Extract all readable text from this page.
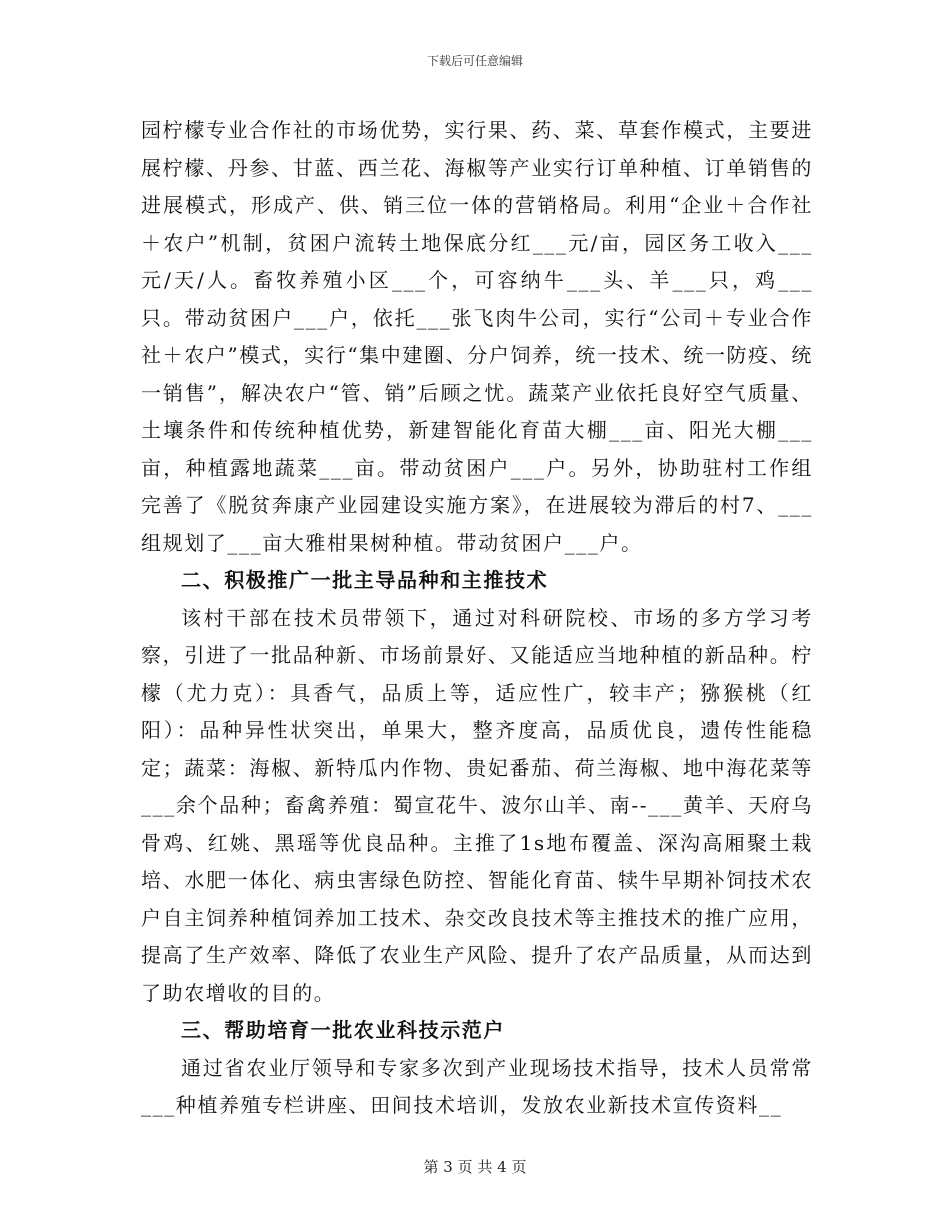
下载后可任意编辑

园柠檬专业合作社的市场优势，实行果、药、菜、草套作模式，主要进展柠檬、丹参、甘蓝、西兰花、海椒等产业实行订单种植、订单销售的进展模式，形成产、供、销三位一体的营销格局。利用“企业＋合作社＋农户”机制，贫困户流转土地保底分红___元/亩，园区务工收入___元/天/人。畜牧养殖小区___个，可容纳牛___头、羊___只，鸡___只。带动贫困户___户，依托___张飞肉牛公司，实行“公司＋专业合作社＋农户”模式，实行“集中建圈、分户饲养，统一技术、统一防疫、统一销售”，解决农户“管、销”后顾之忧。蔬菜产业依托良好空气质量、土壤条件和传统种植优势，新建智能化育苗大棚___亩、阳光大棚___亩，种植露地蔬菜___亩。带动贫困户___户。另外，协助驻村工作组完善了《脱贫奔康产业园建设实施方案》，在进展较为滞后的村7、___组规划了___亩大雅柑果树种植。带动贫困户___户。

二、积极推广一批主导品种和主推技术

该村干部在技术员带领下，通过对科研院校、市场的多方学习考察，引进了一批品种新、市场前景好、又能适应当地种植的新品种。柠檬（尤力克）：具香气，品质上等，适应性广，较丰产；猕猴桃（红阳）：品种异性状突出，单果大，整齐度高，品质优良，遗传性能稳定；蔬菜：海椒、新特瓜内作物、贵妃番茄、荷兰海椒、地中海花菜等___余个品种；畜禽养殖：蜀宣花牛、波尔山羊、南--___黄羊、天府乌骨鸡、红姚、黑瑶等优良品种。主推了1s地布覆盖、深沟高厢聚土栽培、水肥一体化、病虫害绿色防控、智能化育苗、犊牛早期补饲技术农户自主饲养种植饲养加工技术、杂交改良技术等主推技术的推广应用，提高了生产效率、降低了农业生产风险、提升了农产品质量，从而达到了助农增收的目的。

三、帮助培育一批农业科技示范户

通过省农业厅领导和专家多次到产业现场技术指导，技术人员常常___种植养殖专栏讲座、田间技术培训，发放农业新技术宣传资料__

第 3 页 共 4 页
